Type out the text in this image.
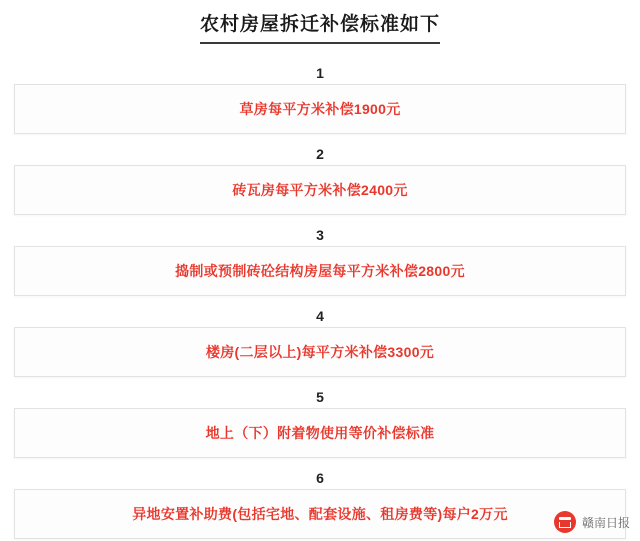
农村房屋拆迁补偿标准如下
1
草房每平方米补偿1900元
2
砖瓦房每平方米补偿2400元
3
捣制或预制砖砼结构房屋每平方米补偿2800元
4
楼房(二层以上)每平方米补偿3300元
5
地上（下）附着物使用等价补偿标准
6
异地安置补助费(包括宅地、配套设施、租房费等)每户2万元
赣南日报
